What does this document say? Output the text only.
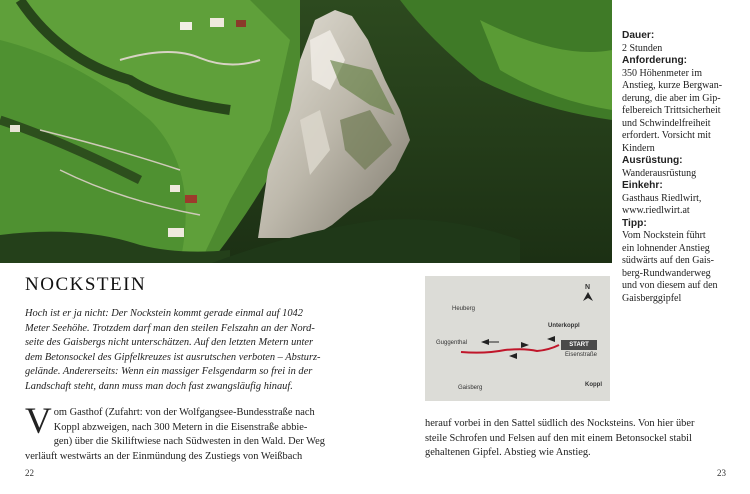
Dauer:
2 Stunden
Anforderung:
350 Höhenmeter im
Anstieg, kurze Bergwan-
derung, die aber im Gip-
felbereich Trittsicherheit
und Schwindelfreiheit
erfordert. Vorsicht mit
Kindern
Ausrüstung:
Wanderausrüstung
Einkehr:
Gasthaus Riedlwirt,
www.riedlwirt.at
Tipp:
Vom Nockstein führt
ein lohnender Anstieg
südwärts auf den Gais-
berg-Rundwanderweg
und von diesem auf den
Gaisberggipfel
NOCKSTEIN
Hoch ist er ja nicht: Der Nockstein kommt gerade einmal auf 1042
Meter Seehöhe. Trotzdem darf man den steilen Felszahn an der Nord-
seite des Gaisbergs nicht unterschätzen. Auf den letzten Metern unter
dem Betonsockel des Gipfelkreuzes ist ausrutschen verboten – Absturz-
gelände. Andererseits: Wenn ein massiger Felsgendarm so frei in der
Landschaft steht, dann muss man doch fast zwangsläufig hinauf.
Vom Gasthof (Zufahrt: von der Wolfgangsee-Bundesstraße nach
Koppl abzweigen, nach 300 Metern in die Eisenstraße abbie-
gen) über die Skiliftwiese nach Südwesten in den Wald. Der Weg
verläuft westwärts an der Einmündung des Zustiegs von Weißbach
22
N
Heuberg
Unterkoppl
Guggenthal	START
Eisenstraße
Gaisberg	Koppl
herauf vorbei in den Sattel südlich des Nocksteins. Von hier über
steile Schrofen und Felsen auf den mit einem Betonsockel stabil
gehaltenen Gipfel. Abstieg wie Anstieg.
23
